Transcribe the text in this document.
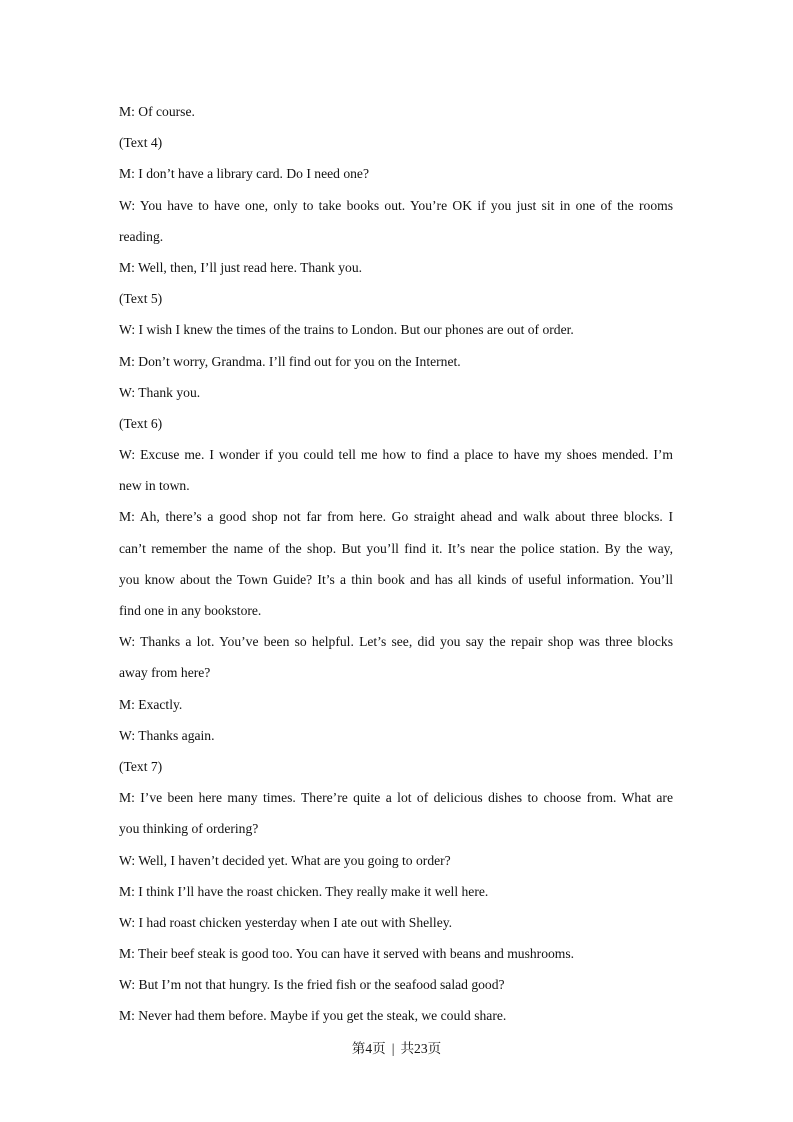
M: Of course.
(Text 4)
M: I don’t have a library card. Do I need one?
W: You have to have one, only to take books out. You’re OK if you just sit in one of the rooms
reading.
M: Well, then, I’ll just read here. Thank you.
(Text 5)
W: I wish I knew the times of the trains to London. But our phones are out of order.
M: Don’t worry, Grandma. I’ll find out for you on the Internet.
W: Thank you.
(Text 6)
W: Excuse me. I wonder if you could tell me how to find a place to have my shoes mended. I’m
new in town.
M: Ah, there’s a good shop not far from here. Go straight ahead and walk about three blocks. I
can’t remember the name of the shop. But you’ll find it. It’s near the police station. By the way,
you know about the Town Guide? It’s a thin book and has all kinds of useful information. You’ll
find one in any bookstore.
W: Thanks a lot. You’ve been so helpful. Let’s see, did you say the repair shop was three blocks
away from here?
M: Exactly.
W: Thanks again.
(Text 7)
M: I’ve been here many times. There’re quite a lot of delicious dishes to choose from. What are
you thinking of ordering?
W: Well, I haven’t decided yet. What are you going to order?
M: I think I’ll have the roast chicken. They really make it well here.
W: I had roast chicken yesterday when I ate out with Shelley.
M: Their beef steak is good too. You can have it served with beans and mushrooms.
W: But I’m not that hungry. Is the fried fish or the seafood salad good?
M: Never had them before. Maybe if you get the steak, we could share.
第4页 | 共23页
